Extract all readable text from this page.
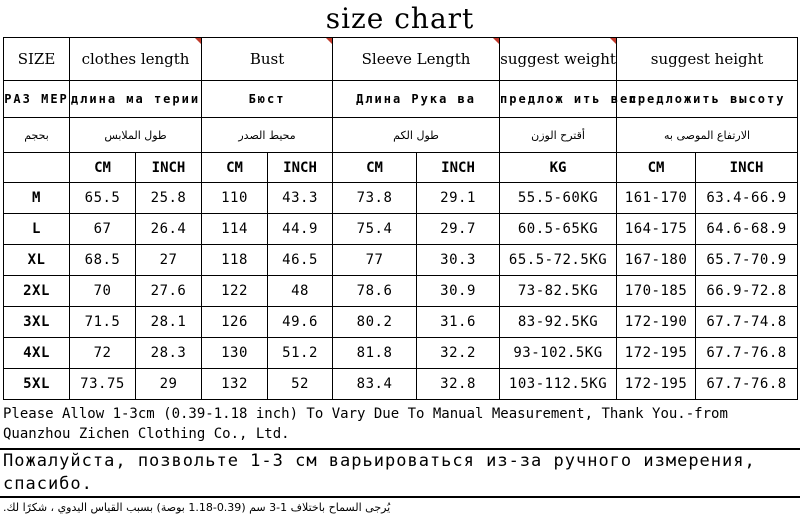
size chart
SIZE	clothes length		Bust		Sleeve Length		suggest weight	suggest height	
РАЗ МЕР	длина ма терии		Бюст		Длина Рука ва		предлож ить вес	предложить высоту	
بحجم	طول الملابس		محيط الصدر		طول الكم		أقترح الوزن	الارتفاع الموصى به	
	CM	INCH	CM	INCH	CM	INCH	KG	CM	INCH
M	65.5	25.8	110	43.3	73.8	29.1	55.5-60KG	161-170	63.4-66.9
L	67	26.4	114	44.9	75.4	29.7	60.5-65KG	164-175	64.6-68.9
XL	68.5	27	118	46.5	77	30.3	65.5-72.5KG	167-180	65.7-70.9
2XL	70	27.6	122	48	78.6	30.9	73-82.5KG	170-185	66.9-72.8
3XL	71.5	28.1	126	49.6	80.2	31.6	83-92.5KG	172-190	67.7-74.8
4XL	72	28.3	130	51.2	81.8	32.2	93-102.5KG	172-195	67.7-76.8
5XL	73.75	29	132	52	83.4	32.8	103-112.5KG	172-195	67.7-76.8
Please Allow 1-3cm (0.39-1.18 inch) To Vary Due To Manual Measurement, Thank You.-from Quanzhou Zichen Clothing Co., Ltd.
Пожалуйста, позвольте 1-3 см варьироваться из-за ручного измерения, спасибо.
يُرجى السماح باختلاف 1-3 سم (0.39-1.18 بوصة) بسبب القياس اليدوي ، شكرًا لك.
